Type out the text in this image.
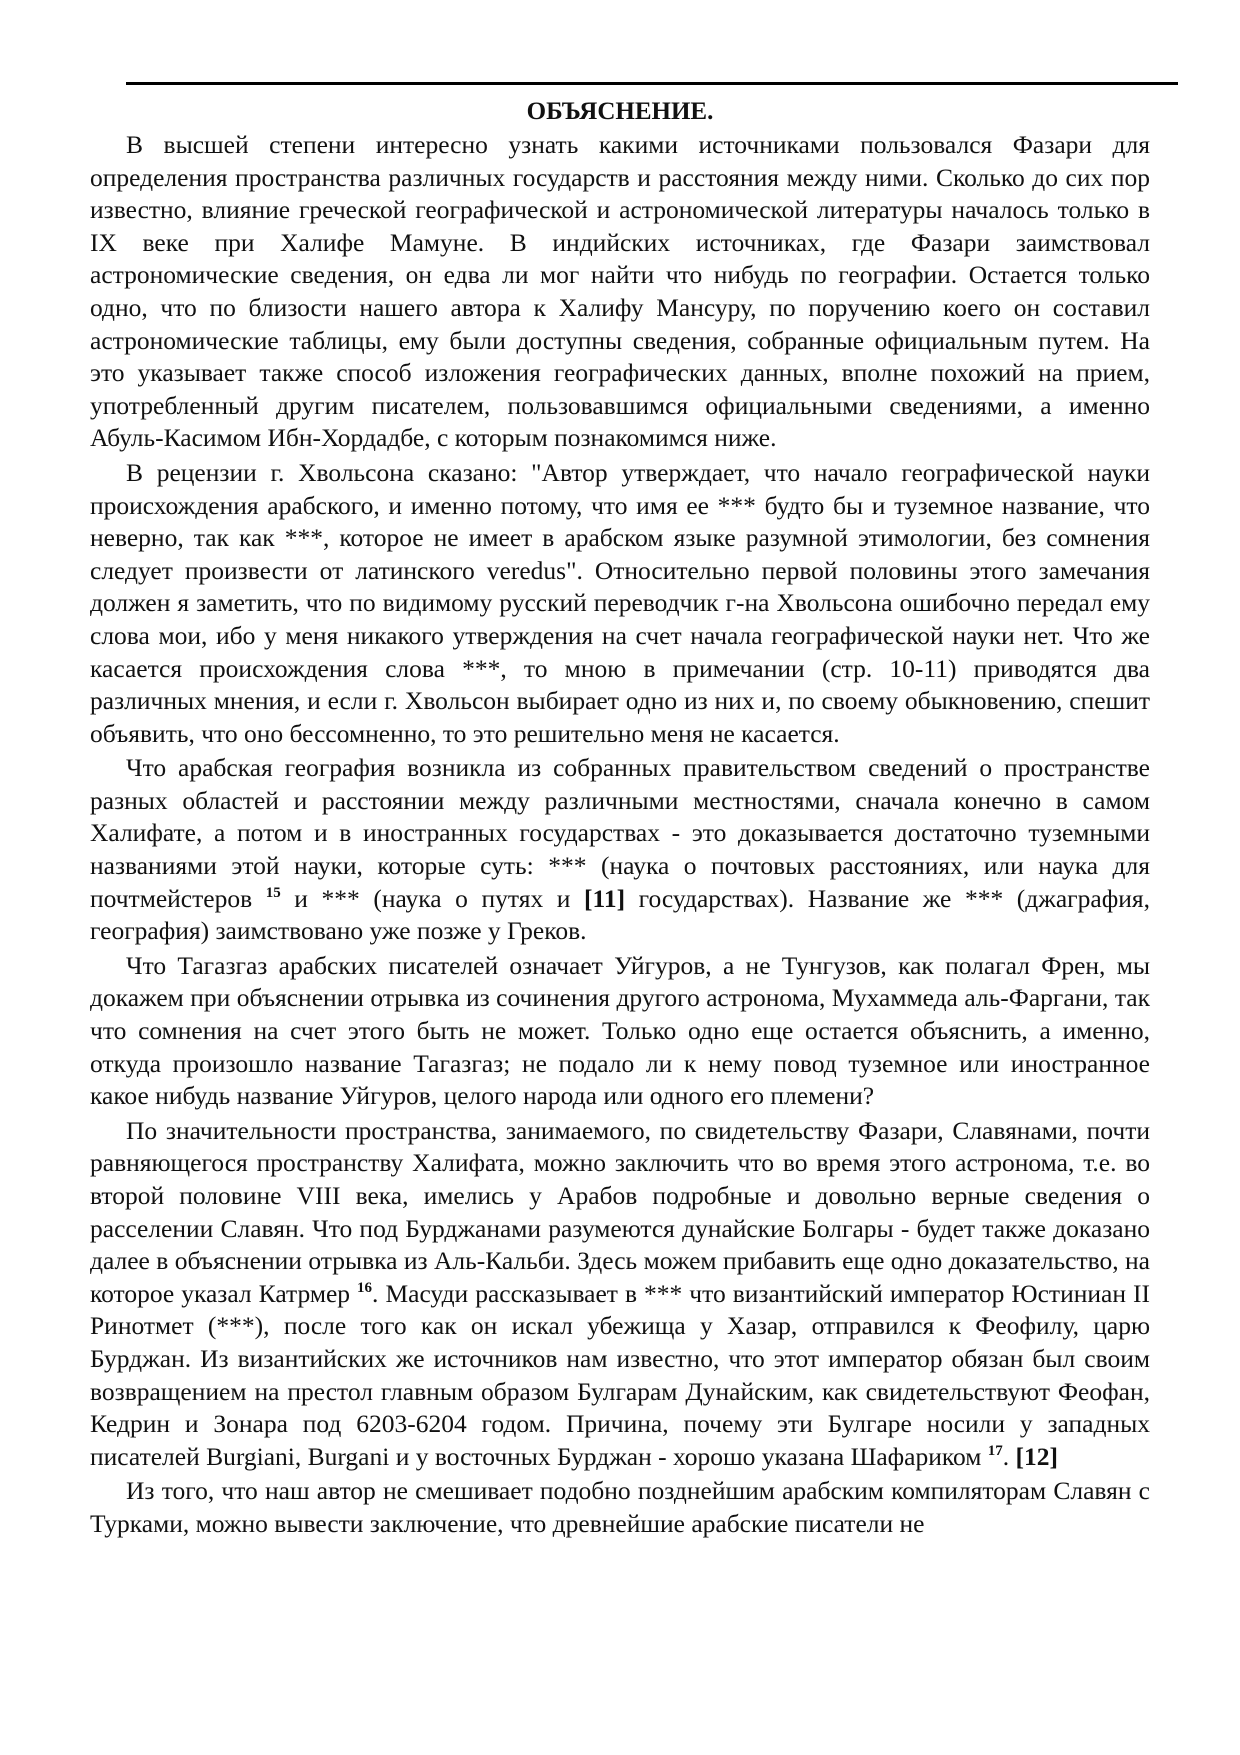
ОБЪЯСНЕНИЕ.

В высшей степени интересно узнать какими источниками пользовался Фазари для определения пространства различных государств и расстояния между ними. Сколько до сих пор известно, влияние греческой географической и астрономической литературы началось только в IX веке при Халифе Мамуне. В индийских источниках, где Фазари заимствовал астрономические сведения, он едва ли мог найти что нибудь по географии. Остается только одно, что по близости нашего автора к Халифу Мансуру, по поручению коего он составил астрономические таблицы, ему были доступны сведения, собранные официальным путем. На это указывает также способ изложения географических данных, вполне похожий на прием, употребленный другим писателем, пользовавшимся официальными сведениями, а именно Абуль-Касимом Ибн-Хордадбе, с которым познакомимся ниже.

В рецензии г. Хвольсона сказано: "Автор утверждает, что начало географической науки происхождения арабского, и именно потому, что имя ее *** будто бы и туземное название, что неверно, так как ***, которое не имеет в арабском языке разумной этимологии, без сомнения следует произвести от латинского veredus". Относительно первой половины этого замечания должен я заметить, что по видимому русский переводчик г-на Хвольсона ошибочно передал ему слова мои, ибо у меня никакого утверждения на счет начала географической науки нет. Что же касается происхождения слова ***, то мною в примечании (стр. 10-11) приводятся два различных мнения, и если г. Хвольсон выбирает одно из них и, по своему обыкновению, спешит объявить, что оно бессомненно, то это решительно меня не касается.

Что арабская география возникла из собранных правительством сведений о пространстве разных областей и расстоянии между различными местностями, сначала конечно в самом Халифате, а потом и в иностранных государствах - это доказывается достаточно туземными названиями этой науки, которые суть: *** (наука о почтовых расстояниях, или наука для почтмейстеров $^{15}$ и *** (наука о путях и [11] государствах). Название же *** (джаграфия, география) заимствовано уже позже у Греков.

Что Тагазгаз арабских писателей означает Уйгуров, а не Тунгузов, как полагал Френ, мы докажем при объяснении отрывка из сочинения другого астронома, Мухаммеда аль-Фаргани, так что сомнения на счет этого быть не может. Только одно еще остается объяснить, а именно, откуда произошло название Тагазгаз; не подало ли к нему повод туземное или иностранное какое нибудь название Уйгуров, целого народа или одного его племени?

По значительности пространства, занимаемого, по свидетельству Фазари, Славянами, почти равняющегося пространству Халифата, можно заключить что во время этого астронома, т.е. во второй половине VIII века, имелись у Арабов подробные и довольно верные сведения о расселении Славян. Что под Бурджанами разумеются дунайские Болгары - будет также доказано далее в объяснении отрывка из Аль-Кальби. Здесь можем прибавить еще одно доказательство, на которое указал Катрмер $^{16}$. Масуди рассказывает в *** что византийский император Юстиниан II Ринотмет (***), после того как он искал убежища у Хазар, отправился к Феофилу, царю Бурджан. Из византийских же источников нам известно, что этот император обязан был своим возвращением на престол главным образом Булгарам Дунайским, как свидетельствуют Феофан, Кедрин и Зонара под 6203-6204 годом. Причина, почему эти Булгаре носили у западных писателей Burgiani, Burgani и у восточных Бурджан - хорошо указана Шафариком $^{17}$. [12]

Из того, что наш автор не смешивает подобно позднейшим арабским компиляторам Славян с Турками, можно вывести заключение, что древнейшие арабские писатели не
